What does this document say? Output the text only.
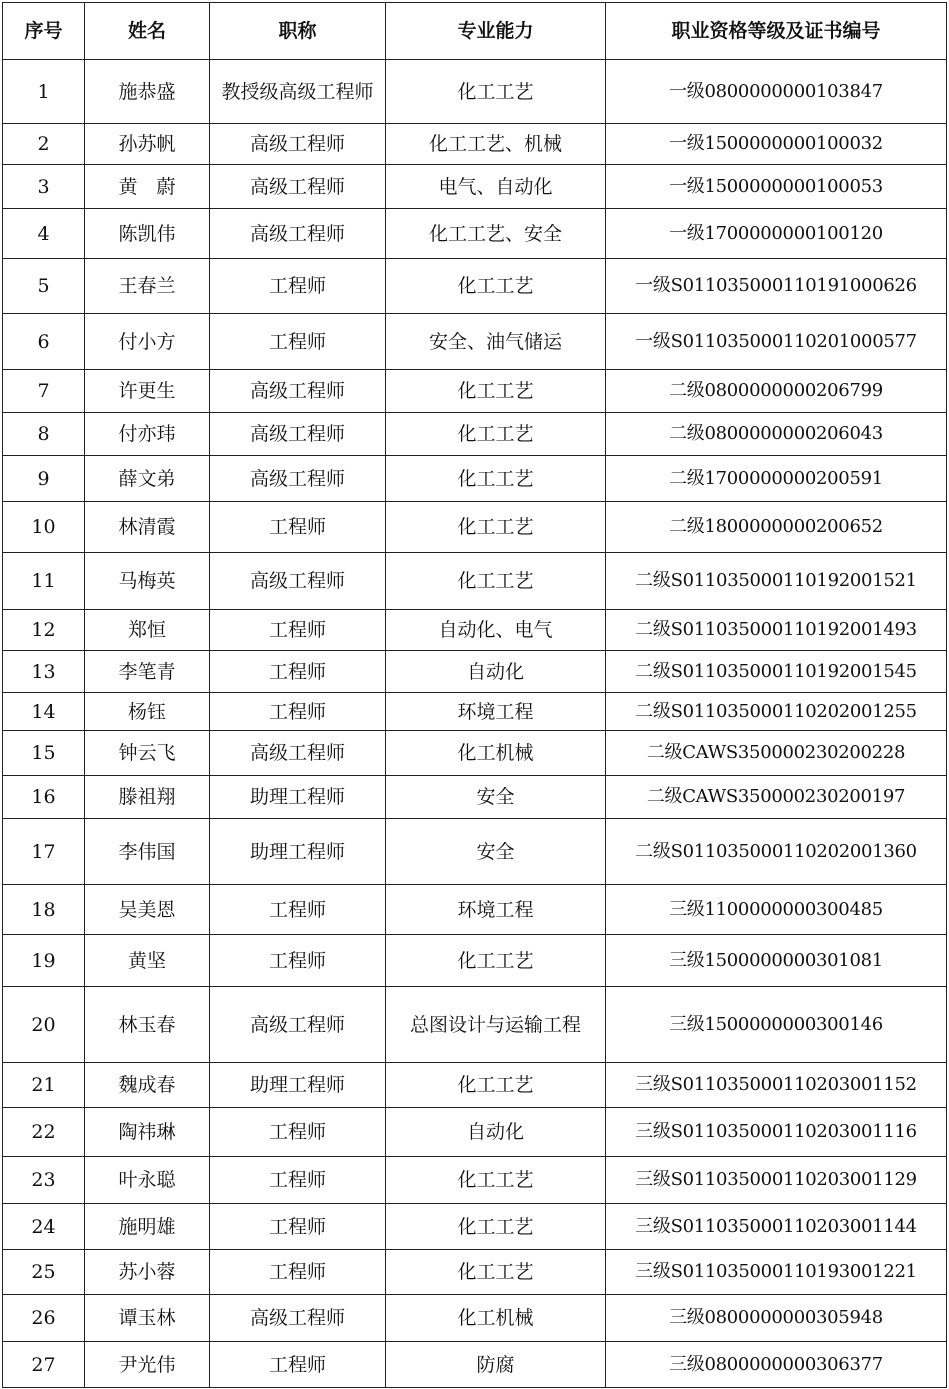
序号	姓名	职称	专业能力	职业资格等级及证书编号
1	施恭盛	教授级高级工程师	化工工艺	一级0800000000103847
2	孙苏帆	高级工程师	化工工艺、机械	一级1500000000100032
3	黄　蔚	高级工程师	电气、自动化	一级1500000000100053
4	陈凯伟	高级工程师	化工工艺、安全	一级1700000000100120
5	王春兰	工程师	化工工艺	一级S011035000110191000626
6	付小方	工程师	安全、油气储运	一级S011035000110201000577
7	许更生	高级工程师	化工工艺	二级0800000000206799
8	付亦玮	高级工程师	化工工艺	二级0800000000206043
9	薛文弟	高级工程师	化工工艺	二级1700000000200591
10	林清霞	工程师	化工工艺	二级1800000000200652
11	马梅英	高级工程师	化工工艺	二级S011035000110192001521
12	郑恒	工程师	自动化、电气	二级S011035000110192001493
13	李笔青	工程师	自动化	二级S011035000110192001545
14	杨钰	工程师	环境工程	二级S011035000110202001255
15	钟云飞	高级工程师	化工机械	二级CAWS350000230200228
16	滕祖翔	助理工程师	安全	二级CAWS350000230200197
17	李伟国	助理工程师	安全	二级S011035000110202001360
18	吴美恩	工程师	环境工程	三级1100000000300485
19	黄坚	工程师	化工工艺	三级1500000000301081
20	林玉春	高级工程师	总图设计与运输工程	三级1500000000300146
21	魏成春	助理工程师	化工工艺	三级S011035000110203001152
22	陶祎琳	工程师	自动化	三级S011035000110203001116
23	叶永聪	工程师	化工工艺	三级S011035000110203001129
24	施明雄	工程师	化工工艺	三级S011035000110203001144
25	苏小蓉	工程师	化工工艺	三级S011035000110193001221
26	谭玉林	高级工程师	化工机械	三级0800000000305948
27	尹光伟	工程师	防腐	三级0800000000306377
